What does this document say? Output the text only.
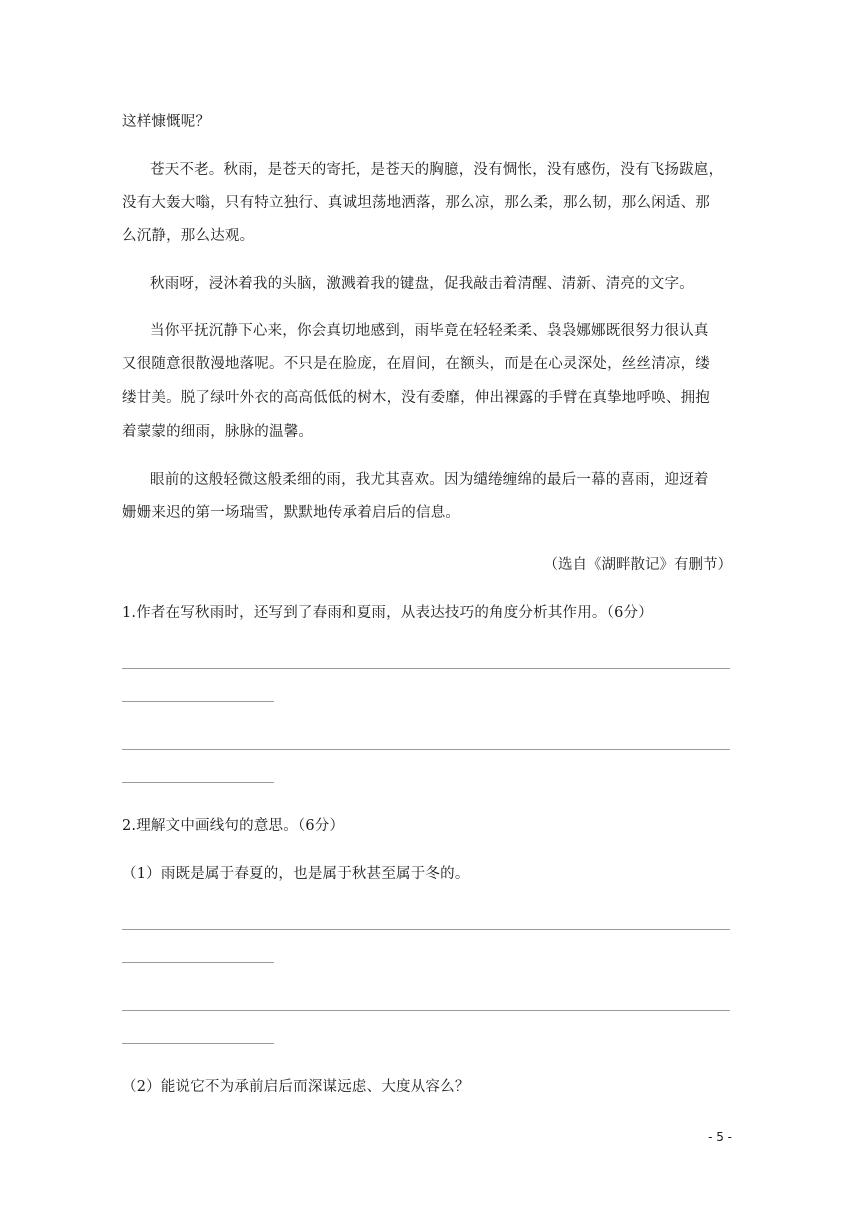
这样慷慨呢？
苍天不老。秋雨，是苍天的寄托，是苍天的胸臆，没有惆怅，没有感伤，没有飞扬跋扈，
没有大轰大嗡，只有特立独行、真诚坦荡地洒落，那么凉，那么柔，那么韧，那么闲适、那
么沉静，那么达观。
秋雨呀，浸沐着我的头脑，激溅着我的键盘，促我敲击着清醒、清新、清亮的文字。
当你平抚沉静下心来，你会真切地感到，雨毕竟在轻轻柔柔、袅袅娜娜既很努力很认真
又很随意很散漫地落呢。不只是在脸庞，在眉间，在额头，而是在心灵深处，丝丝清凉，缕
缕甘美。脱了绿叶外衣的高高低低的树木，没有委靡，伸出裸露的手臂在真挚地呼唤、拥抱
着蒙蒙的细雨，脉脉的温馨。
眼前的这般轻微这般柔细的雨，我尤其喜欢。因为缱绻缠绵的最后一幕的喜雨，迎迓着
姗姗来迟的第一场瑞雪，默默地传承着启后的信息。
（选自《湖畔散记》有删节）
1.作者在写秋雨时，还写到了春雨和夏雨，从表达技巧的角度分析其作用。（6分）
2.理解文中画线句的意思。（6分）
（1）雨既是属于春夏的，也是属于秋甚至属于冬的。
（2）能说它不为承前启后而深谋远虑、大度从容么？
- 5 -
